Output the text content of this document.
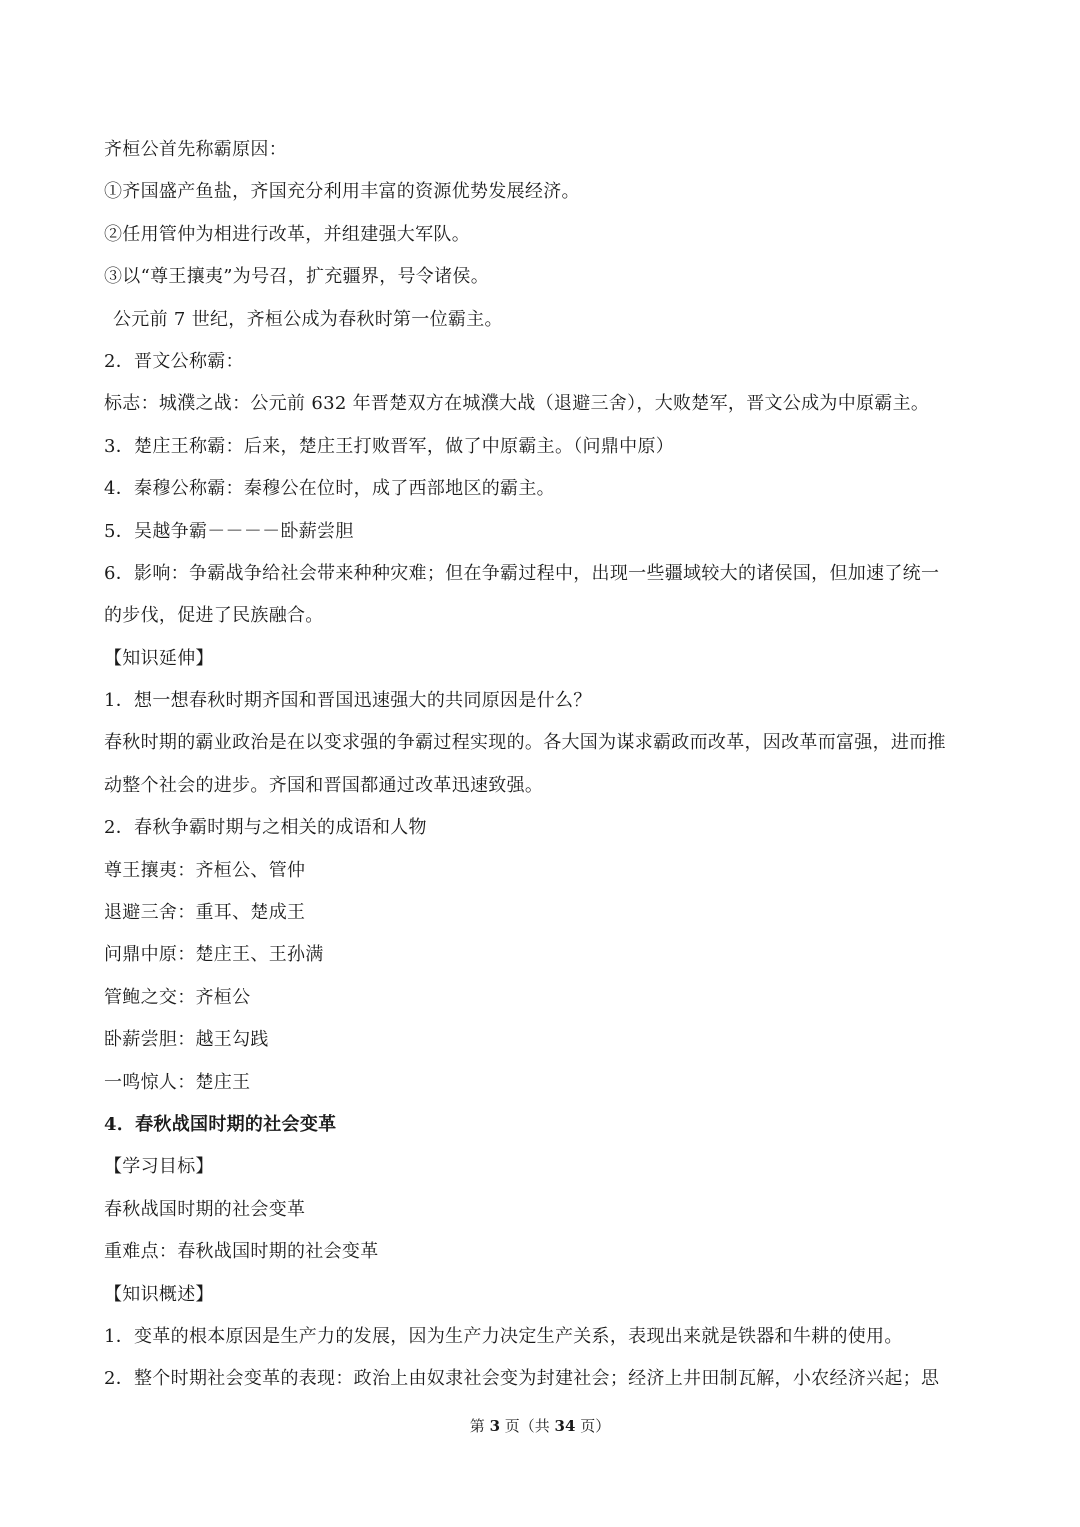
齐桓公首先称霸原因：
①齐国盛产鱼盐，齐国充分利用丰富的资源优势发展经济。
②任用管仲为相进行改革，并组建强大军队。
③以“尊王攘夷”为号召，扩充疆界，号令诸侯。
公元前 7 世纪，齐桓公成为春秋时第一位霸主。
2．晋文公称霸：
标志：城濮之战：公元前 632 年晋楚双方在城濮大战（退避三舍），大败楚军，晋文公成为中原霸主。
3．楚庄王称霸：后来，楚庄王打败晋军，做了中原霸主。（问鼎中原）
4．秦穆公称霸：秦穆公在位时，成了西部地区的霸主。
5．吴越争霸－－－－卧薪尝胆
6．影响：争霸战争给社会带来种种灾难；但在争霸过程中，出现一些疆域较大的诸侯国，但加速了统一
的步伐，促进了民族融合。
【知识延伸】
1．想一想春秋时期齐国和晋国迅速强大的共同原因是什么？
春秋时期的霸业政治是在以变求强的争霸过程实现的。各大国为谋求霸政而改革，因改革而富强，进而推
动整个社会的进步。齐国和晋国都通过改革迅速致强。
2．春秋争霸时期与之相关的成语和人物
尊王攘夷：齐桓公、管仲
退避三舍：重耳、楚成王
问鼎中原：楚庄王、王孙满
管鲍之交：齐桓公
卧薪尝胆：越王勾践
一鸣惊人：楚庄王
4．春秋战国时期的社会变革
【学习目标】
春秋战国时期的社会变革
重难点：春秋战国时期的社会变革
【知识概述】
1．变革的根本原因是生产力的发展，因为生产力决定生产关系，表现出来就是铁器和牛耕的使用。
2．整个时期社会变革的表现：政治上由奴隶社会变为封建社会；经济上井田制瓦解，小农经济兴起；思
第 3 页（共 34 页）
